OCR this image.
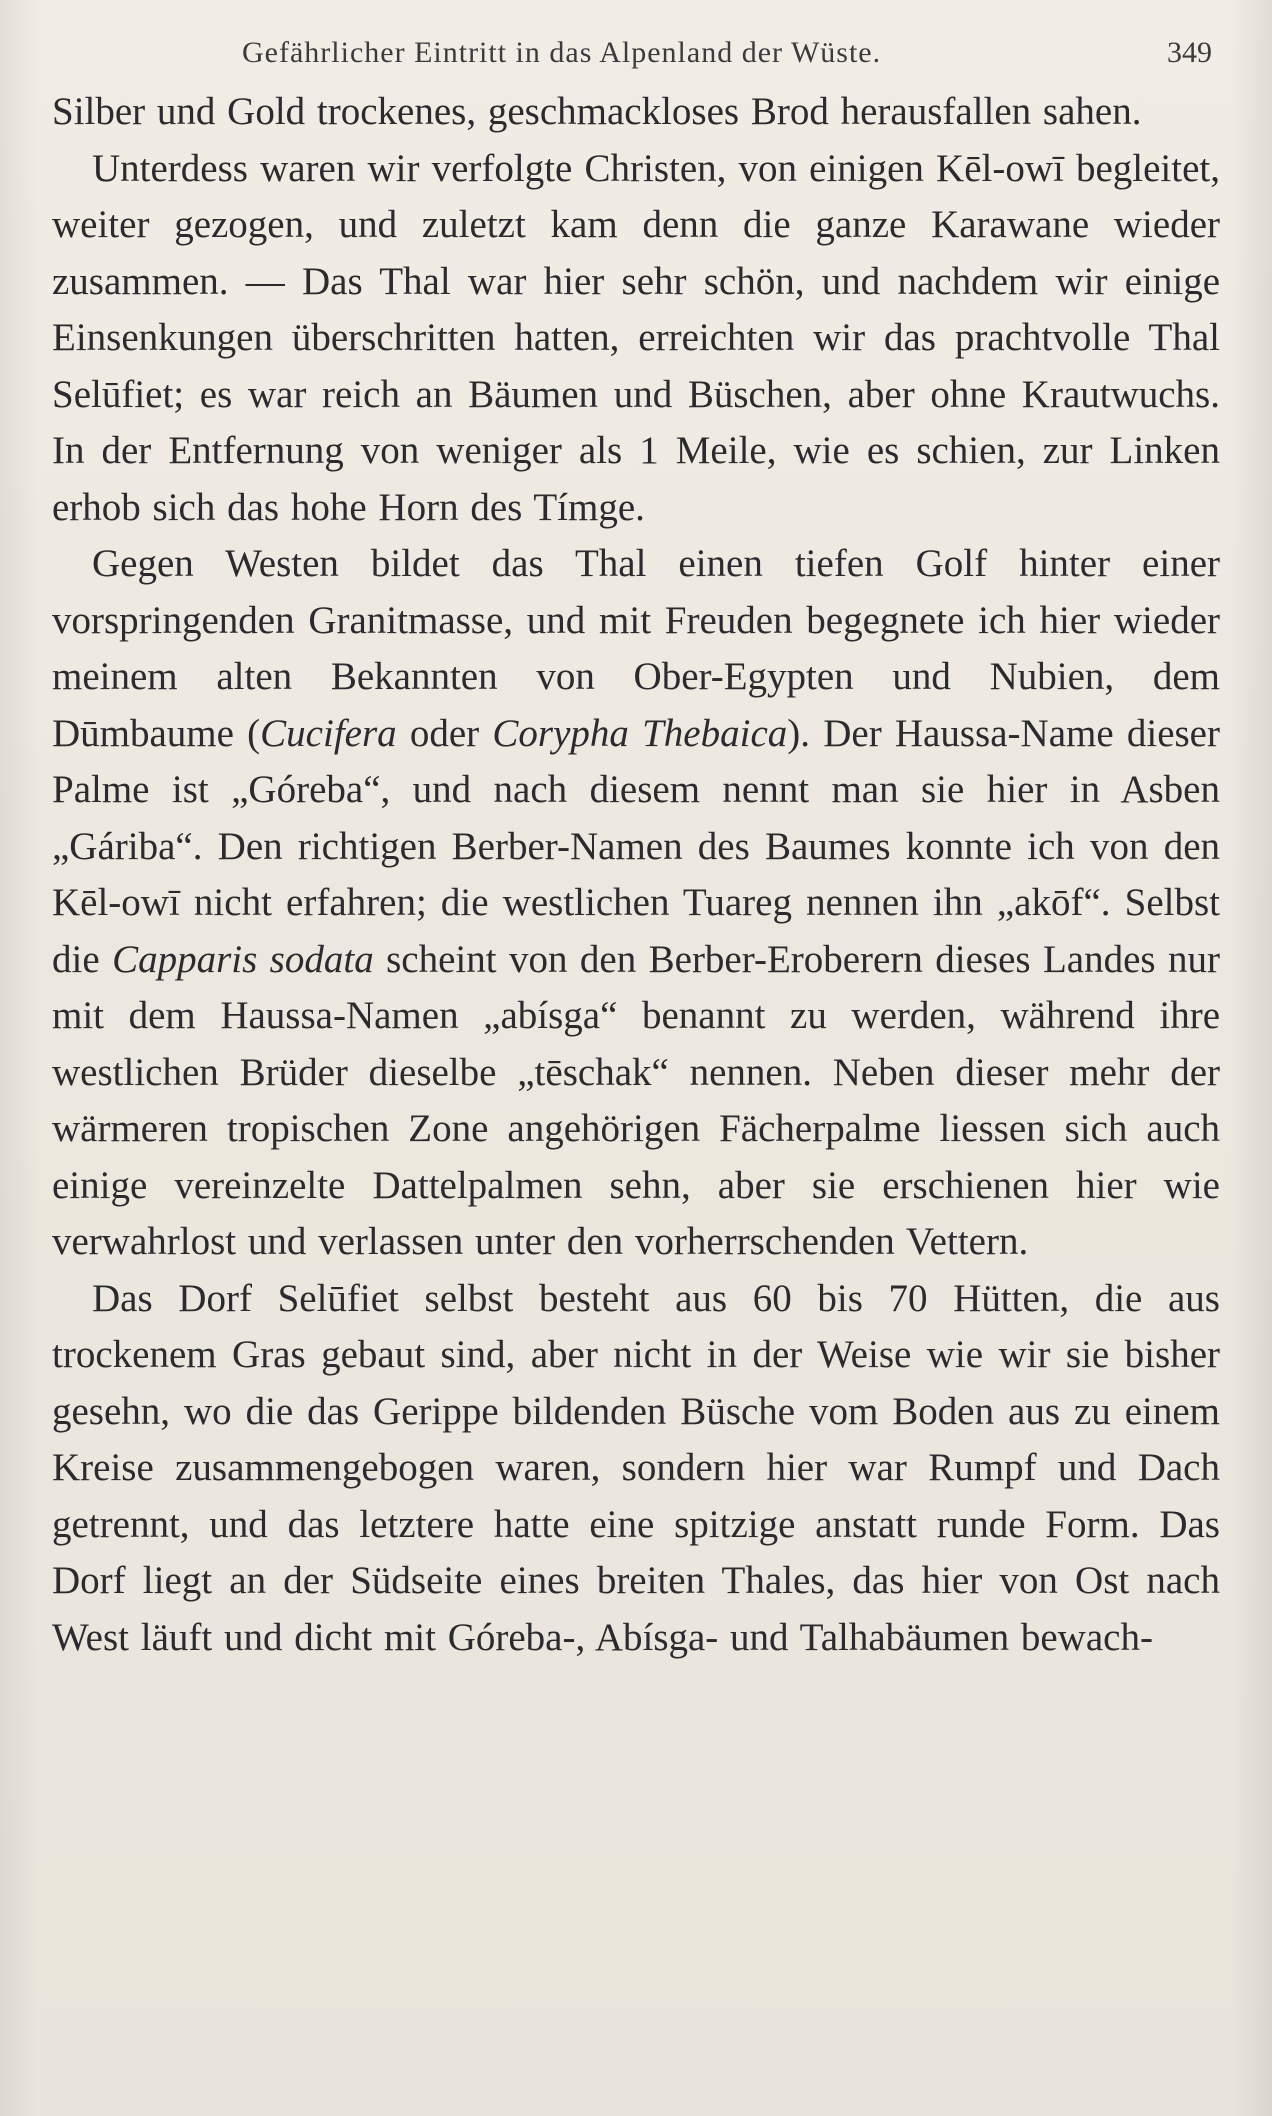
Gefährlicher Eintritt in das Alpenland der Wüste.	349

Silber und Gold trockenes, geschmackloses Brod herausfallen sahen.

Unterdess waren wir verfolgte Christen, von einigen Kēl-owī begleitet, weiter gezogen, und zuletzt kam denn die ganze Karawane wieder zusammen. — Das Thal war hier sehr schön, und nachdem wir einige Einsenkungen überschritten hatten, erreichten wir das prachtvolle Thal Selūfiet; es war reich an Bäumen und Büschen, aber ohne Krautwuchs. In der Entfernung von weniger als 1 Meile, wie es schien, zur Linken erhob sich das hohe Horn des Tímge.

Gegen Westen bildet das Thal einen tiefen Golf hinter einer vorspringenden Granitmasse, und mit Freuden begegnete ich hier wieder meinem alten Bekannten von Ober-Egypten und Nubien, dem Dūmbaume (Cucifera oder Corypha Thebaica). Der Haussa-Name dieser Palme ist „Góreba“, und nach diesem nennt man sie hier in Asben „Gáriba“. Den richtigen Berber-Namen des Baumes konnte ich von den Kēl-owī nicht erfahren; die westlichen Tuareg nennen ihn „akōf“. Selbst die Capparis sodata scheint von den Berber-Eroberern dieses Landes nur mit dem Haussa-Namen „abísga“ benannt zu werden, während ihre westlichen Brüder dieselbe „tēschak“ nennen. Neben dieser mehr der wärmeren tropischen Zone angehörigen Fächerpalme liessen sich auch einige vereinzelte Dattelpalmen sehn, aber sie erschienen hier wie verwahrlost und verlassen unter den vorherrschenden Vettern.

Das Dorf Selūfiet selbst besteht aus 60 bis 70 Hütten, die aus trockenem Gras gebaut sind, aber nicht in der Weise wie wir sie bisher gesehn, wo die das Gerippe bildenden Büsche vom Boden aus zu einem Kreise zusammengebogen waren, sondern hier war Rumpf und Dach getrennt, und das letztere hatte eine spitzige anstatt runde Form. Das Dorf liegt an der Südseite eines breiten Thales, das hier von Ost nach West läuft und dicht mit Góreba-, Abísga- und Talhabäumen bewach-
